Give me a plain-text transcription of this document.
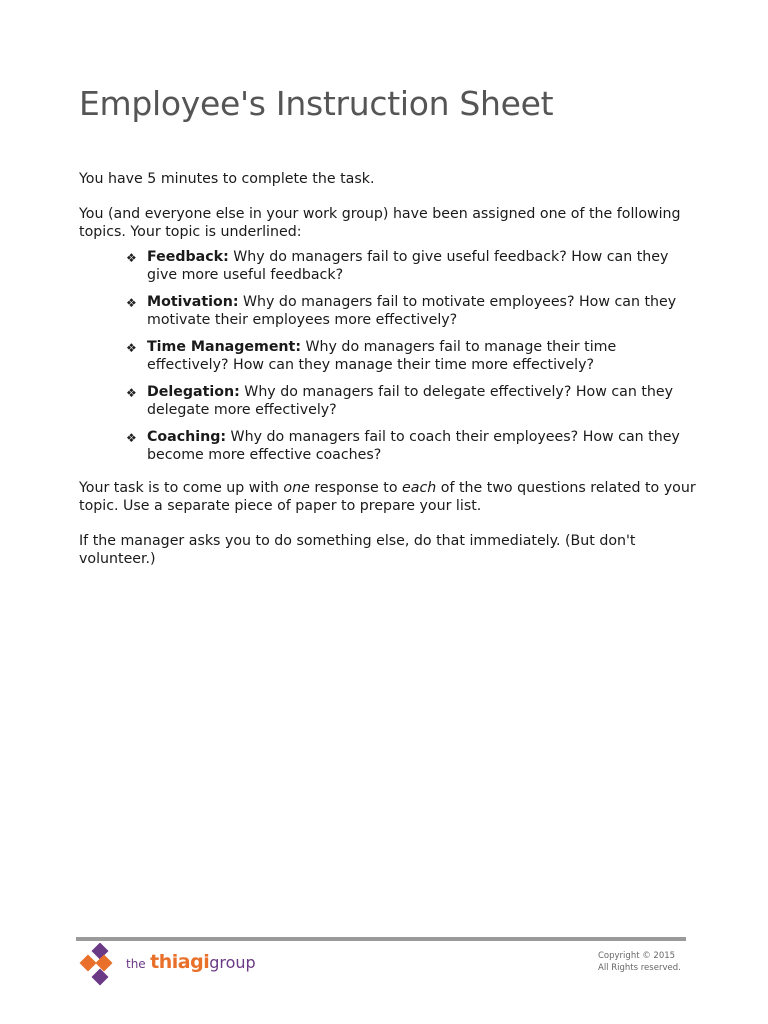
Employee's Instruction Sheet

You have 5 minutes to complete the task.

You (and everyone else in your work group) have been assigned one of the following topics. Your topic is underlined:

❖ Feedback: Why do managers fail to give useful feedback? How can they give more useful feedback?
❖ Motivation: Why do managers fail to motivate employees? How can they motivate their employees more effectively?
❖ Time Management: Why do managers fail to manage their time effectively? How can they manage their time more effectively?
❖ Delegation: Why do managers fail to delegate effectively? How can they delegate more effectively?
❖ Coaching: Why do managers fail to coach their employees? How can they become more effective coaches?

Your task is to come up with one response to each of the two questions related to your topic. Use a separate piece of paper to prepare your list.

If the manager asks you to do something else, do that immediately. (But don't volunteer.)

the thiagigroup	Copyright © 2015
All Rights reserved.
